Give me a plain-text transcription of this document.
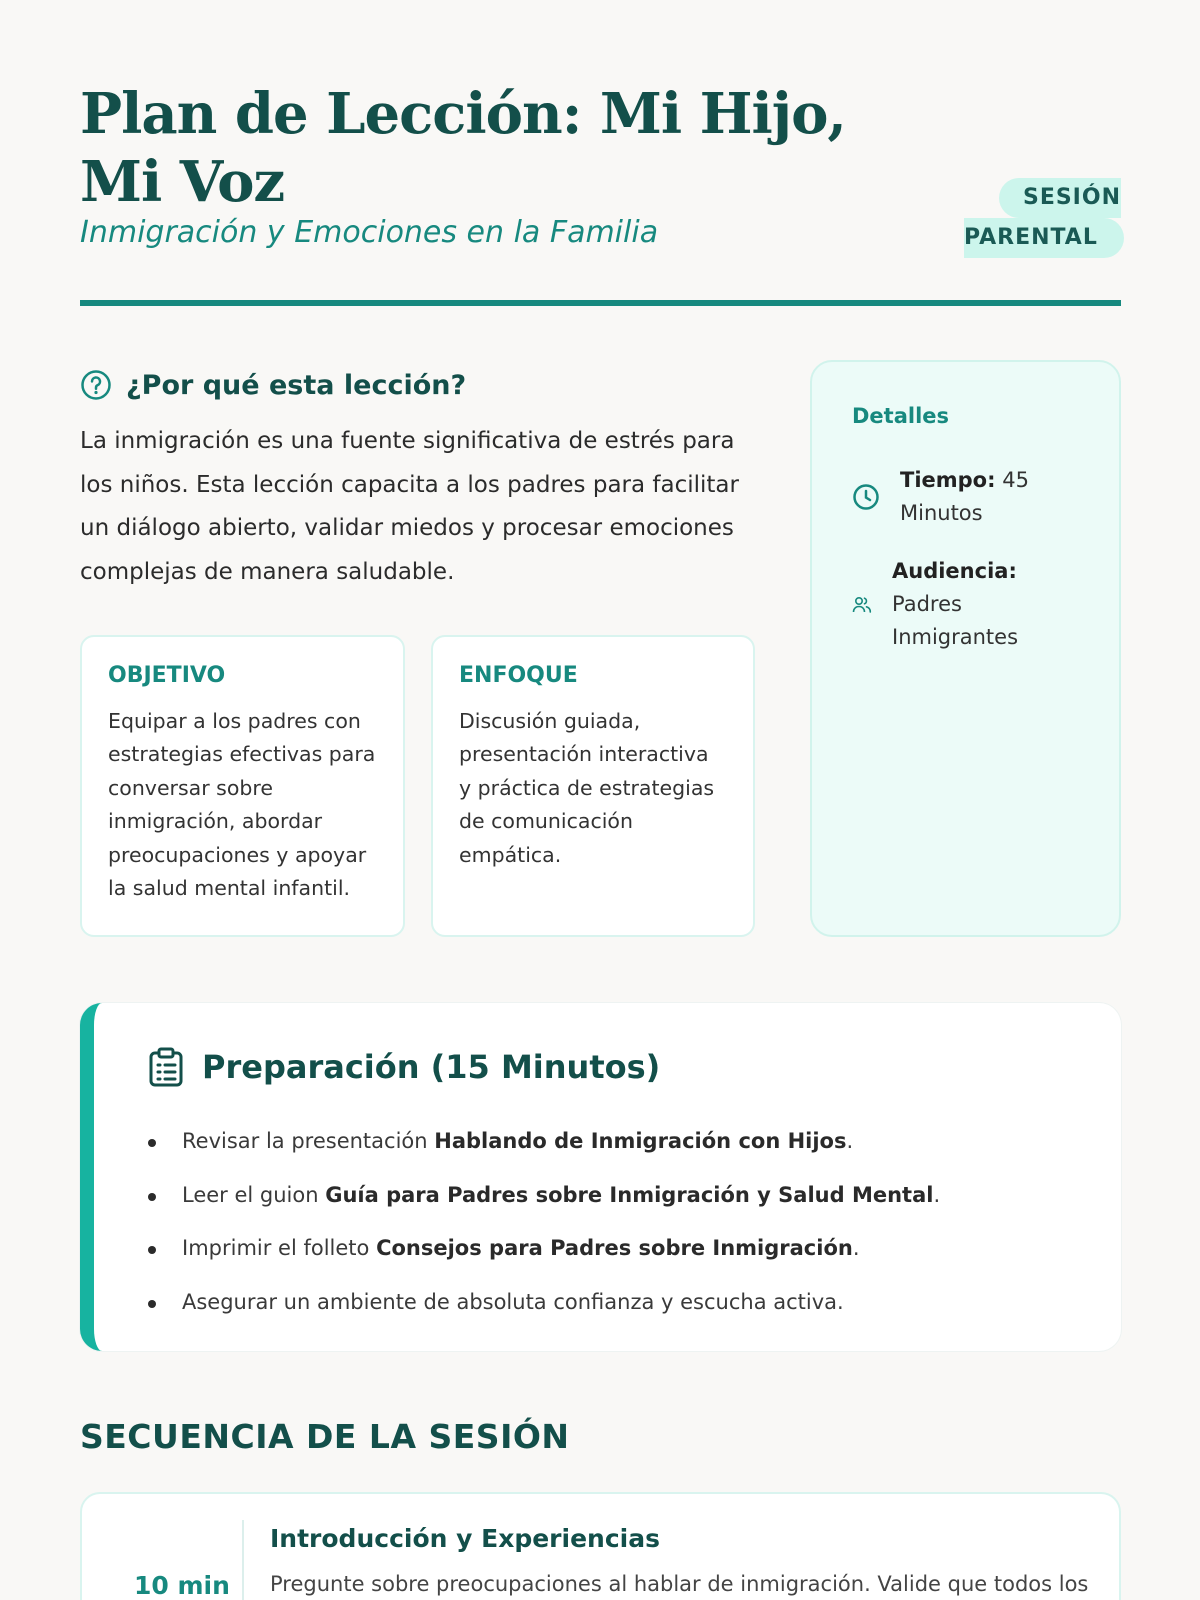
Plan de Lección: Mi Hijo, Mi Voz
Inmigración y Emociones en la Familia
SESIÓN
PARENTAL
¿Por qué esta lección?

La inmigración es una fuente significativa de estrés para los niños. Esta lección capacita a los padres para facilitar un diálogo abierto, validar miedos y procesar emociones complejas de manera saludable.

OBJETIVO

Equipar a los padres con estrategias efectivas para conversar sobre inmigración, abordar preocupaciones y apoyar la salud mental infantil.

ENFOQUE

Discusión guiada, presentación interactiva y práctica de estrategias de comunicación empática.

Detalles
Tiempo: 45 Minutos
Audiencia:
Padres Inmigrantes
Preparación (15 Minutos)
Revisar la presentación Hablando de Inmigración con Hijos.
Leer el guion Guía para Padres sobre Inmigración y Salud Mental.
Imprimir el folleto Consejos para Padres sobre Inmigración.
Asegurar un ambiente de absoluta confianza y escucha activa.
SECUENCIA DE LA SESIÓN
10 min
Introducción y Experiencias
Pregunte sobre preocupaciones al hablar de inmigración. Valide que todos los
